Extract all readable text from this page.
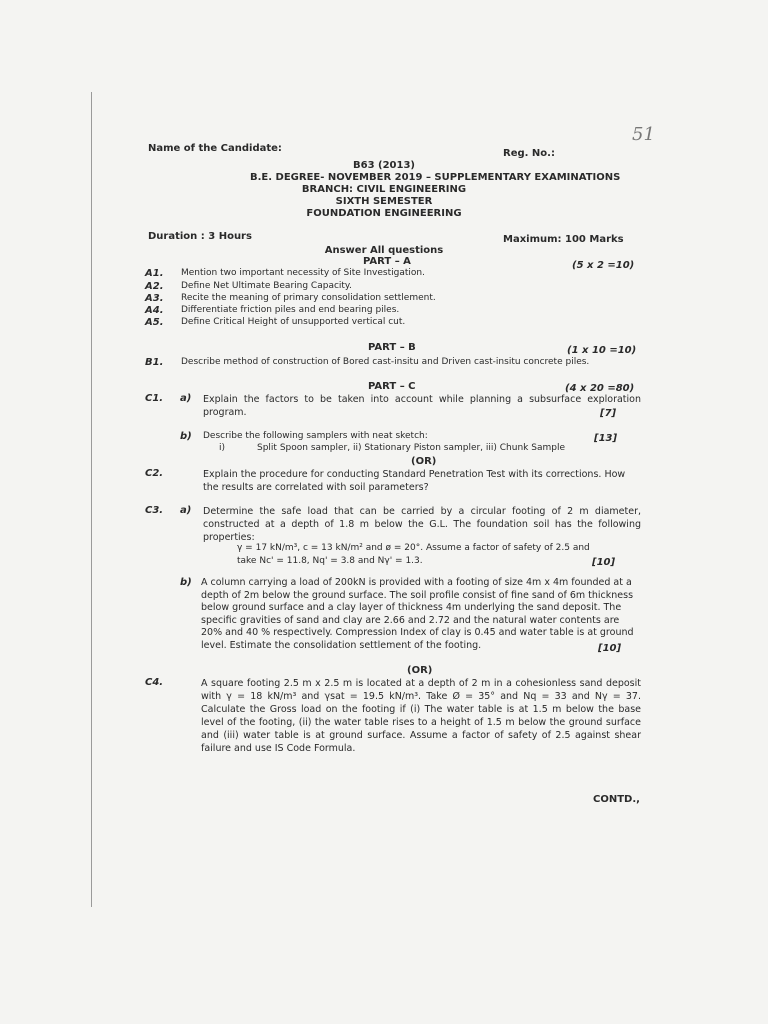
51
Name of the Candidate:	Reg. No.:
B63 (2013)
B.E. DEGREE- NOVEMBER 2019 – SUPPLEMENTARY EXAMINATIONS
BRANCH: CIVIL ENGINEERING
SIXTH SEMESTER
FOUNDATION ENGINEERING
Duration : 3 Hours	Maximum: 100 Marks
Answer All questions
PART – A	(5 x 2 =10)
A1. Mention two important necessity of Site Investigation.
A2. Define Net Ultimate Bearing Capacity.
A3. Recite the meaning of primary consolidation settlement.
A4. Differentiate friction piles and end bearing piles.
A5. Define Critical Height of unsupported vertical cut.
PART – B	(1 x 10 =10)
B1. Describe method of construction of Bored cast-insitu and Driven cast-insitu concrete piles.
PART – C	(4 x 20 =80)
C1. a) Explain the factors to be taken into account while planning a subsurface exploration program.	[7]
b) Describe the following samplers with neat sketch:	[13]
i)	Split Spoon sampler, ii) Stationary Piston sampler, iii) Chunk Sample
(OR)
C2.	Explain the procedure for conducting Standard Penetration Test with its corrections. How the results are correlated with soil parameters?
C3. a) Determine the safe load that can be carried by a circular footing of 2 m diameter, constructed at a depth of 1.8 m below the G.L. The foundation soil has the following properties:
γ = 17 kN/m³, c = 13 kN/m² and ø = 20°. Assume a factor of safety of 2.5 and
take Nc' = 11.8, Nq' = 3.8 and Nγ' = 1.3.	[10]
b) A column carrying a load of 200kN is provided with a footing of size 4m x 4m founded at a depth of 2m below the ground surface. The soil profile consist of fine sand of 6m thickness below ground surface and a clay layer of thickness 4m underlying the sand deposit. The specific gravities of sand and clay are 2.66 and 2.72 and the natural water contents are 20% and 40 % respectively. Compression Index of clay is 0.45 and water table is at ground level. Estimate the consolidation settlement of the footing.	[10]
(OR)
C4.	A square footing 2.5 m x 2.5 m is located at a depth of 2 m in a cohesionless sand deposit with γ = 18 kN/m³ and γsat = 19.5 kN/m³. Take Ø = 35° and Nq = 33 and Nγ = 37. Calculate the Gross load on the footing if (i) The water table is at 1.5 m below the base level of the footing, (ii) the water table rises to a height of 1.5 m below the ground surface and (iii) water table is at ground surface. Assume a factor of safety of 2.5 against shear failure and use IS Code Formula.
CONTD.,
